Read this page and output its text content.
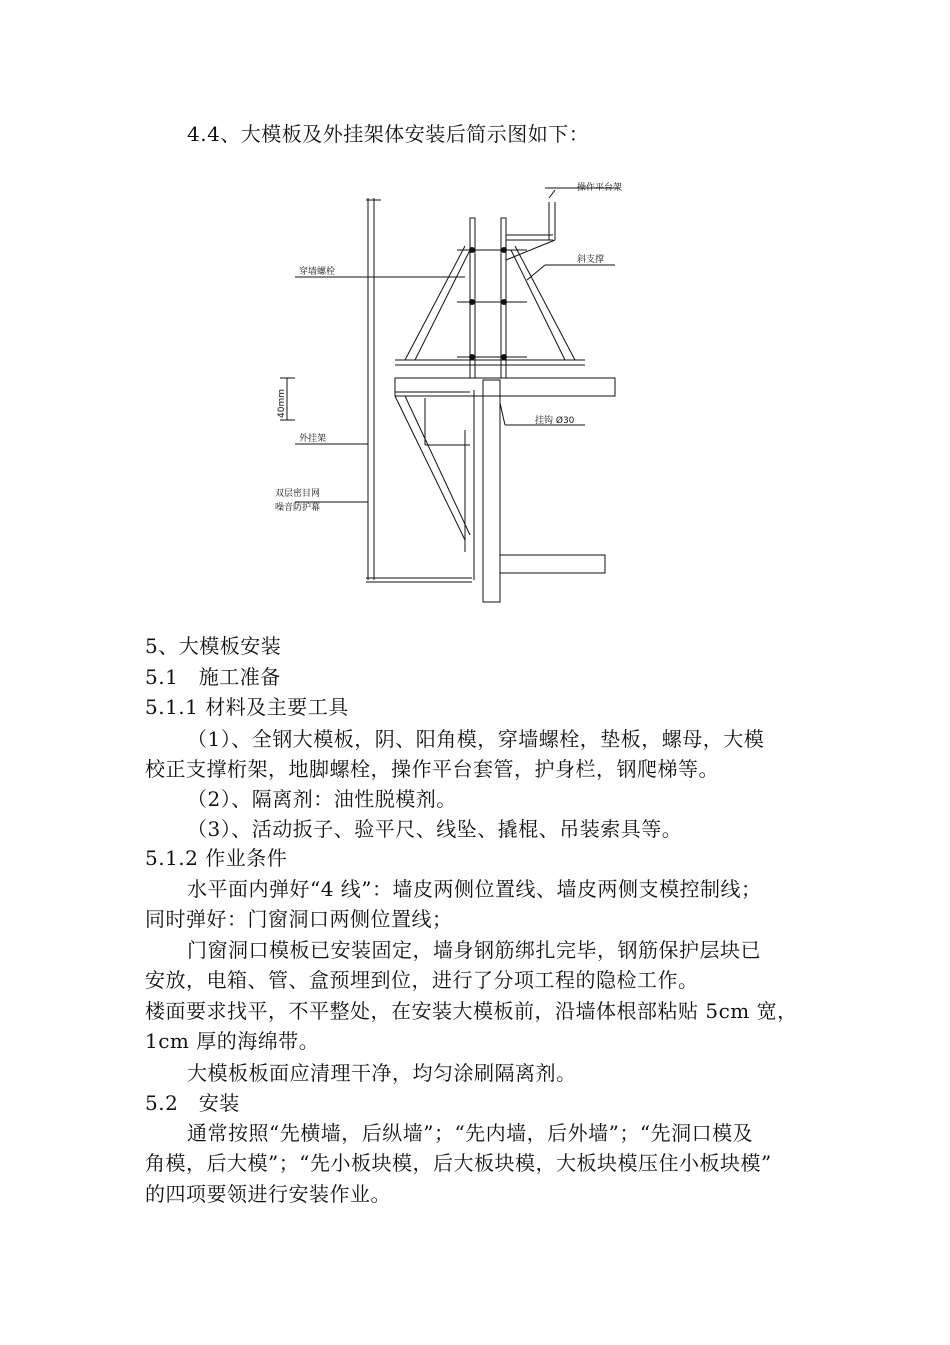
4.4、大模板及外挂架体安装后简示图如下：
操作平台架
穿墙螺栓
斜支撑
40mm
挂钩 Ø30
外挂架
双层密目网
噪音防护幕
5、大模板安装
5.1　施工准备
5.1.1 材料及主要工具
（1）、全钢大模板，阴、阳角模，穿墙螺栓，垫板，螺母，大模
校正支撑桁架，地脚螺栓，操作平台套管，护身栏，钢爬梯等。
（2）、隔离剂：油性脱模剂。
（3）、活动扳子、验平尺、线坠、撬棍、吊装索具等。
5.1.2 作业条件
水平面内弹好“4 线”：墙皮两侧位置线、墙皮两侧支模控制线；
同时弹好：门窗洞口两侧位置线；
门窗洞口模板已安装固定，墙身钢筋绑扎完毕，钢筋保护层块已
安放，电箱、管、盒预埋到位，进行了分项工程的隐检工作。
楼面要求找平，不平整处，在安装大模板前，沿墙体根部粘贴 5cm 宽，
1cm 厚的海绵带。
大模板板面应清理干净，均匀涂刷隔离剂。
5.2　安装
通常按照“先横墙，后纵墙”；“先内墙，后外墙”；“先洞口模及
角模，后大模”；“先小板块模，后大板块模，大板块模压住小板块模”
的四项要领进行安装作业。
